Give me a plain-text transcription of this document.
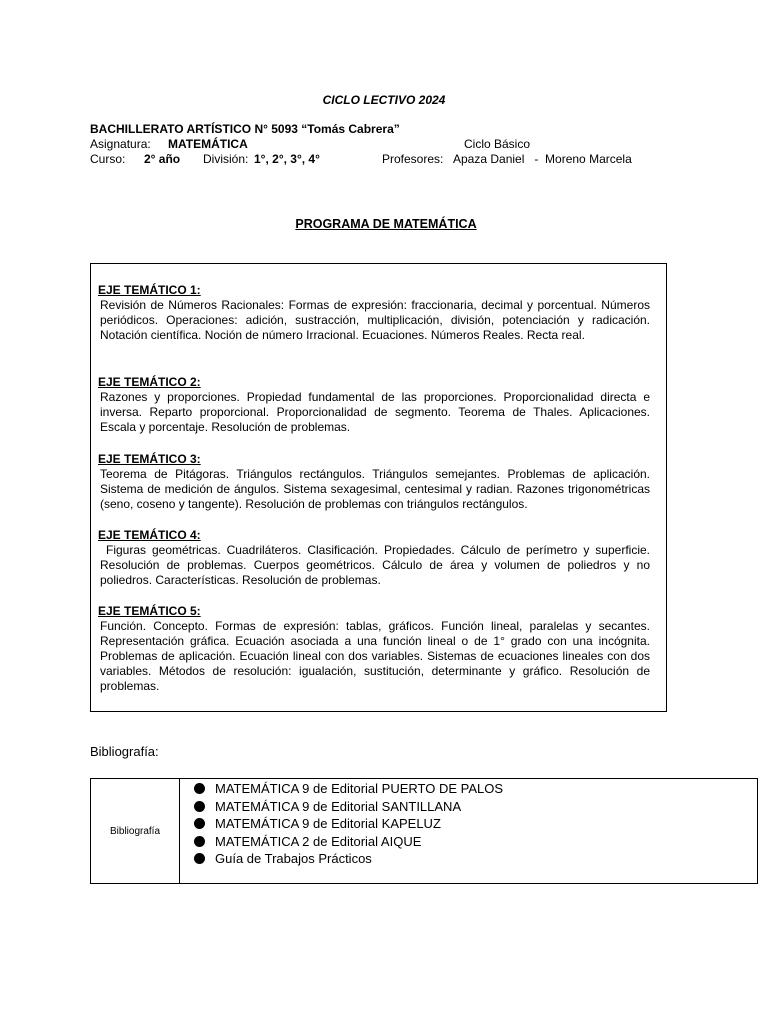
CICLO LECTIVO 2024
BACHILLERATO ARTÍSTICO N° 5093 “Tomás Cabrera”
Asignatura: MATEMÁTICA	Ciclo Básico
Curso: 2° año División: 1°, 2°, 3°, 4°	Profesores: Apaza Daniel   -  Moreno Marcela
PROGRAMA DE MATEMÁTICA
EJE TEMÁTICO 1:
Revisión de Números Racionales: Formas de expresión: fraccionaria, decimal y porcentual. Números periódicos. Operaciones: adición, sustracción, multiplicación, división, potenciación y radicación. Notación científica. Noción de número Irracional. Ecuaciones. Números Reales. Recta real.
EJE TEMÁTICO 2:
Razones y proporciones. Propiedad fundamental de las proporciones. Proporcionalidad directa e inversa. Reparto proporcional. Proporcionalidad de segmento. Teorema de Thales. Aplicaciones. Escala y porcentaje. Resolución de problemas.
EJE TEMÁTICO 3:
Teorema de Pitágoras. Triángulos rectángulos. Triángulos semejantes. Problemas de aplicación. Sistema de medición de ángulos. Sistema sexagesimal, centesimal y radian. Razones trigonométricas (seno, coseno y tangente). Resolución de problemas con triángulos rectángulos.
EJE TEMÁTICO 4:
Figuras geométricas. Cuadriláteros. Clasificación. Propiedades. Cálculo de perímetro y superficie. Resolución de problemas. Cuerpos geométricos. Cálculo de área y volumen de poliedros y no poliedros. Características. Resolución de problemas.
EJE TEMÁTICO 5:
Función. Concepto. Formas de expresión: tablas, gráficos. Función lineal, paralelas y secantes. Representación gráfica. Ecuación asociada a una función lineal o de 1° grado con una incógnita. Problemas de aplicación. Ecuación lineal con dos variables. Sistemas de ecuaciones lineales con dos variables. Métodos de resolución: igualación, sustitución, determinante y gráfico. Resolución de problemas.
Bibliografía:
Bibliografía
MATEMÁTICA 9 de Editorial PUERTO DE PALOS
MATEMÁTICA 9 de Editorial SANTILLANA
MATEMÁTICA 9 de Editorial KAPELUZ
MATEMÁTICA 2 de Editorial AIQUE
Guía de Trabajos Prácticos
